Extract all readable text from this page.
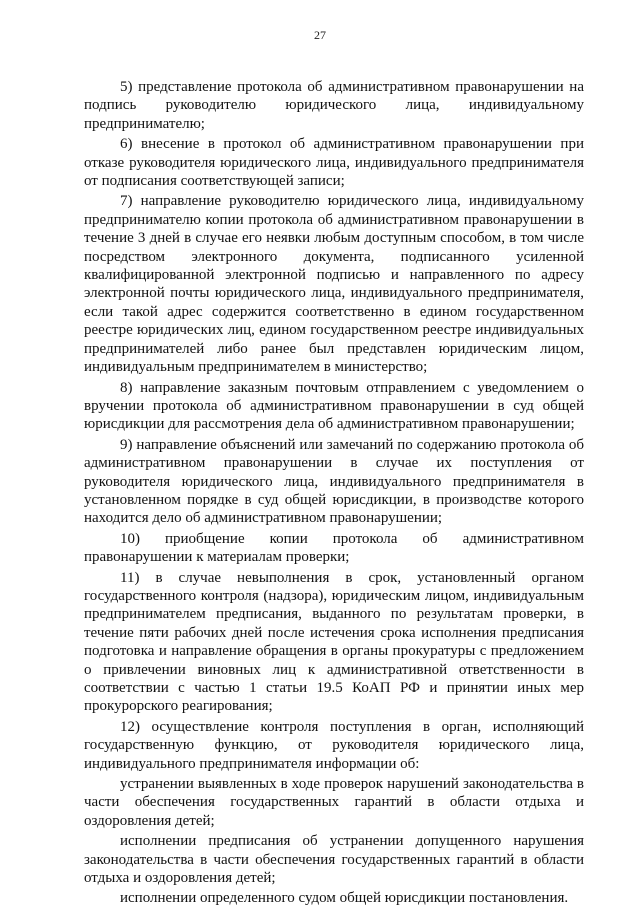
27

5) представление протокола об административном правонарушении на подпись руководителю юридического лица, индивидуальному предпринимателю;

6) внесение в протокол об административном правонарушении при отказе руководителя юридического лица, индивидуального предпринимателя от подписания соответствующей записи;

7) направление руководителю юридического лица, индивидуальному предпринимателю копии протокола об административном правонарушении в течение 3 дней в случае его неявки любым доступным способом, в том числе посредством электронного документа, подписанного усиленной квалифицированной электронной подписью и направленного по адресу электронной почты юридического лица, индивидуального предпринимателя, если такой адрес содержится соответственно в едином государственном реестре юридических лиц, едином государственном реестре индивидуальных предпринимателей либо ранее был представлен юридическим лицом, индивидуальным предпринимателем в министерство;

8) направление заказным почтовым отправлением с уведомлением о вручении протокола об административном правонарушении в суд общей юрисдикции для рассмотрения дела об административном правонарушении;

9) направление объяснений или замечаний по содержанию протокола об административном правонарушении в случае их поступления от руководителя юридического лица, индивидуального предпринимателя в установленном порядке в суд общей юрисдикции, в производстве которого находится дело об административном правонарушении;

10) приобщение копии протокола об административном правонарушении к материалам проверки;

11) в случае невыполнения в срок, установленный органом государственного контроля (надзора), юридическим лицом, индивидуальным предпринимателем предписания, выданного по результатам проверки, в течение пяти рабочих дней после истечения срока исполнения предписания подготовка и направление обращения в органы прокуратуры с предложением о привлечении виновных лиц к административной ответственности в соответствии с частью 1 статьи 19.5 КоАП РФ и принятии иных мер прокурорского реагирования;

12) осуществление контроля поступления в орган, исполняющий государственную функцию, от руководителя юридического лица, индивидуального предпринимателя информации об:

устранении выявленных в ходе проверок нарушений законодательства в части обеспечения государственных гарантий в области отдыха и оздоровления детей;

исполнении предписания об устранении допущенного нарушения законодательства в части обеспечения государственных гарантий в области отдыха и оздоровления детей;

исполнении определенного судом общей юрисдикции постановления.
